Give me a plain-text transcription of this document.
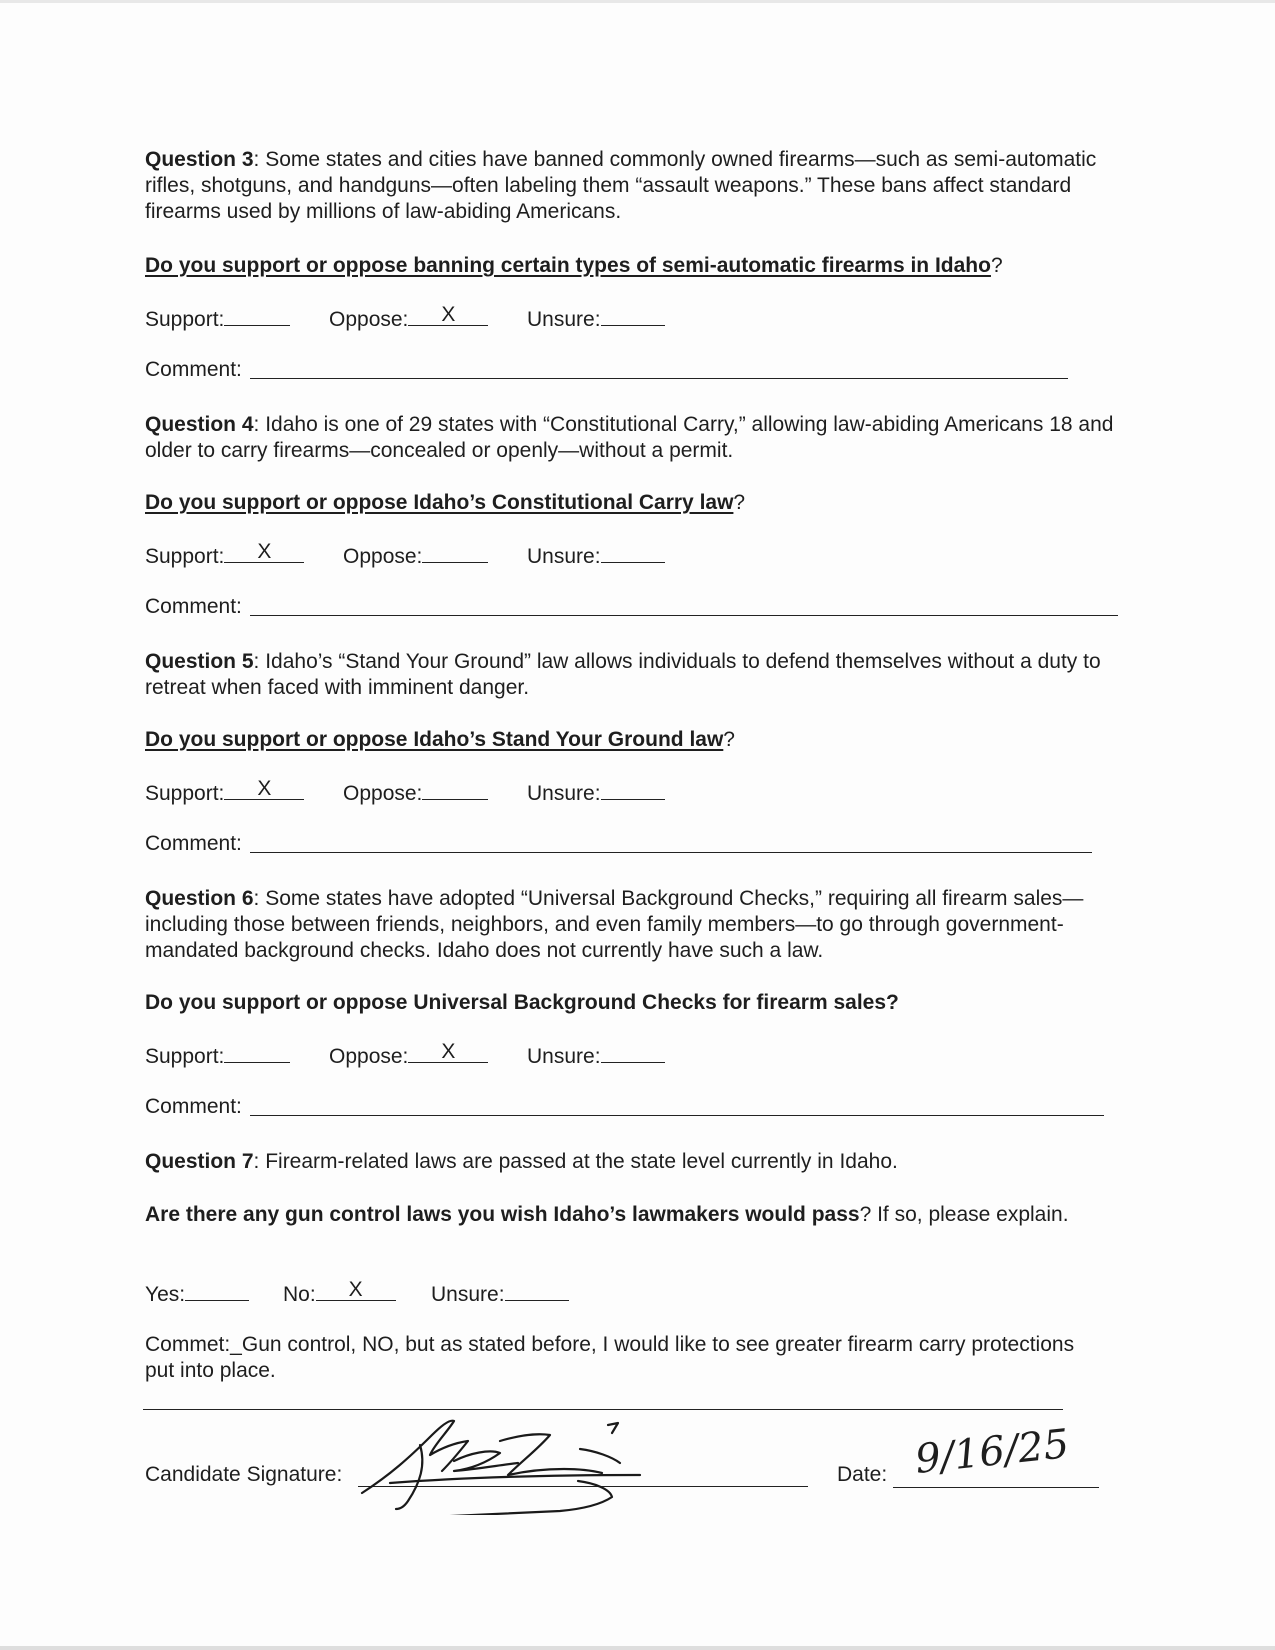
Question 3: Some states and cities have banned commonly owned firearms—such as semi-automatic rifles, shotguns, and handguns—often labeling them “assault weapons.” These bans affect standard firearms used by millions of law-abiding Americans.
Do you support or oppose banning certain types of semi-automatic firearms in Idaho?
Support:	Oppose:	X	Unsure:
Comment:
Question 4: Idaho is one of 29 states with “Constitutional Carry,” allowing law-abiding Americans 18 and older to carry firearms—concealed or openly—without a permit.
Do you support or oppose Idaho’s Constitutional Carry law?
Support:	X	Oppose:	Unsure:
Comment:
Question 5: Idaho’s “Stand Your Ground” law allows individuals to defend themselves without a duty to retreat when faced with imminent danger.
Do you support or oppose Idaho’s Stand Your Ground law?
Support:	X	Oppose:	Unsure:
Comment:
Question 6: Some states have adopted “Universal Background Checks,” requiring all firearm sales—including those between friends, neighbors, and even family members—to go through government-mandated background checks. Idaho does not currently have such a law.
Do you support or oppose Universal Background Checks for firearm sales?
Support:	Oppose:	X	Unsure:
Comment:
Question 7: Firearm-related laws are passed at the state level currently in Idaho.
Are there any gun control laws you wish Idaho’s lawmakers would pass? If so, please explain.
Yes:	No:	X	Unsure:
Commet:_Gun control, NO, but as stated before, I would like to see greater firearm carry protections put into place.
Candidate Signature:	Date: 9/16/25
